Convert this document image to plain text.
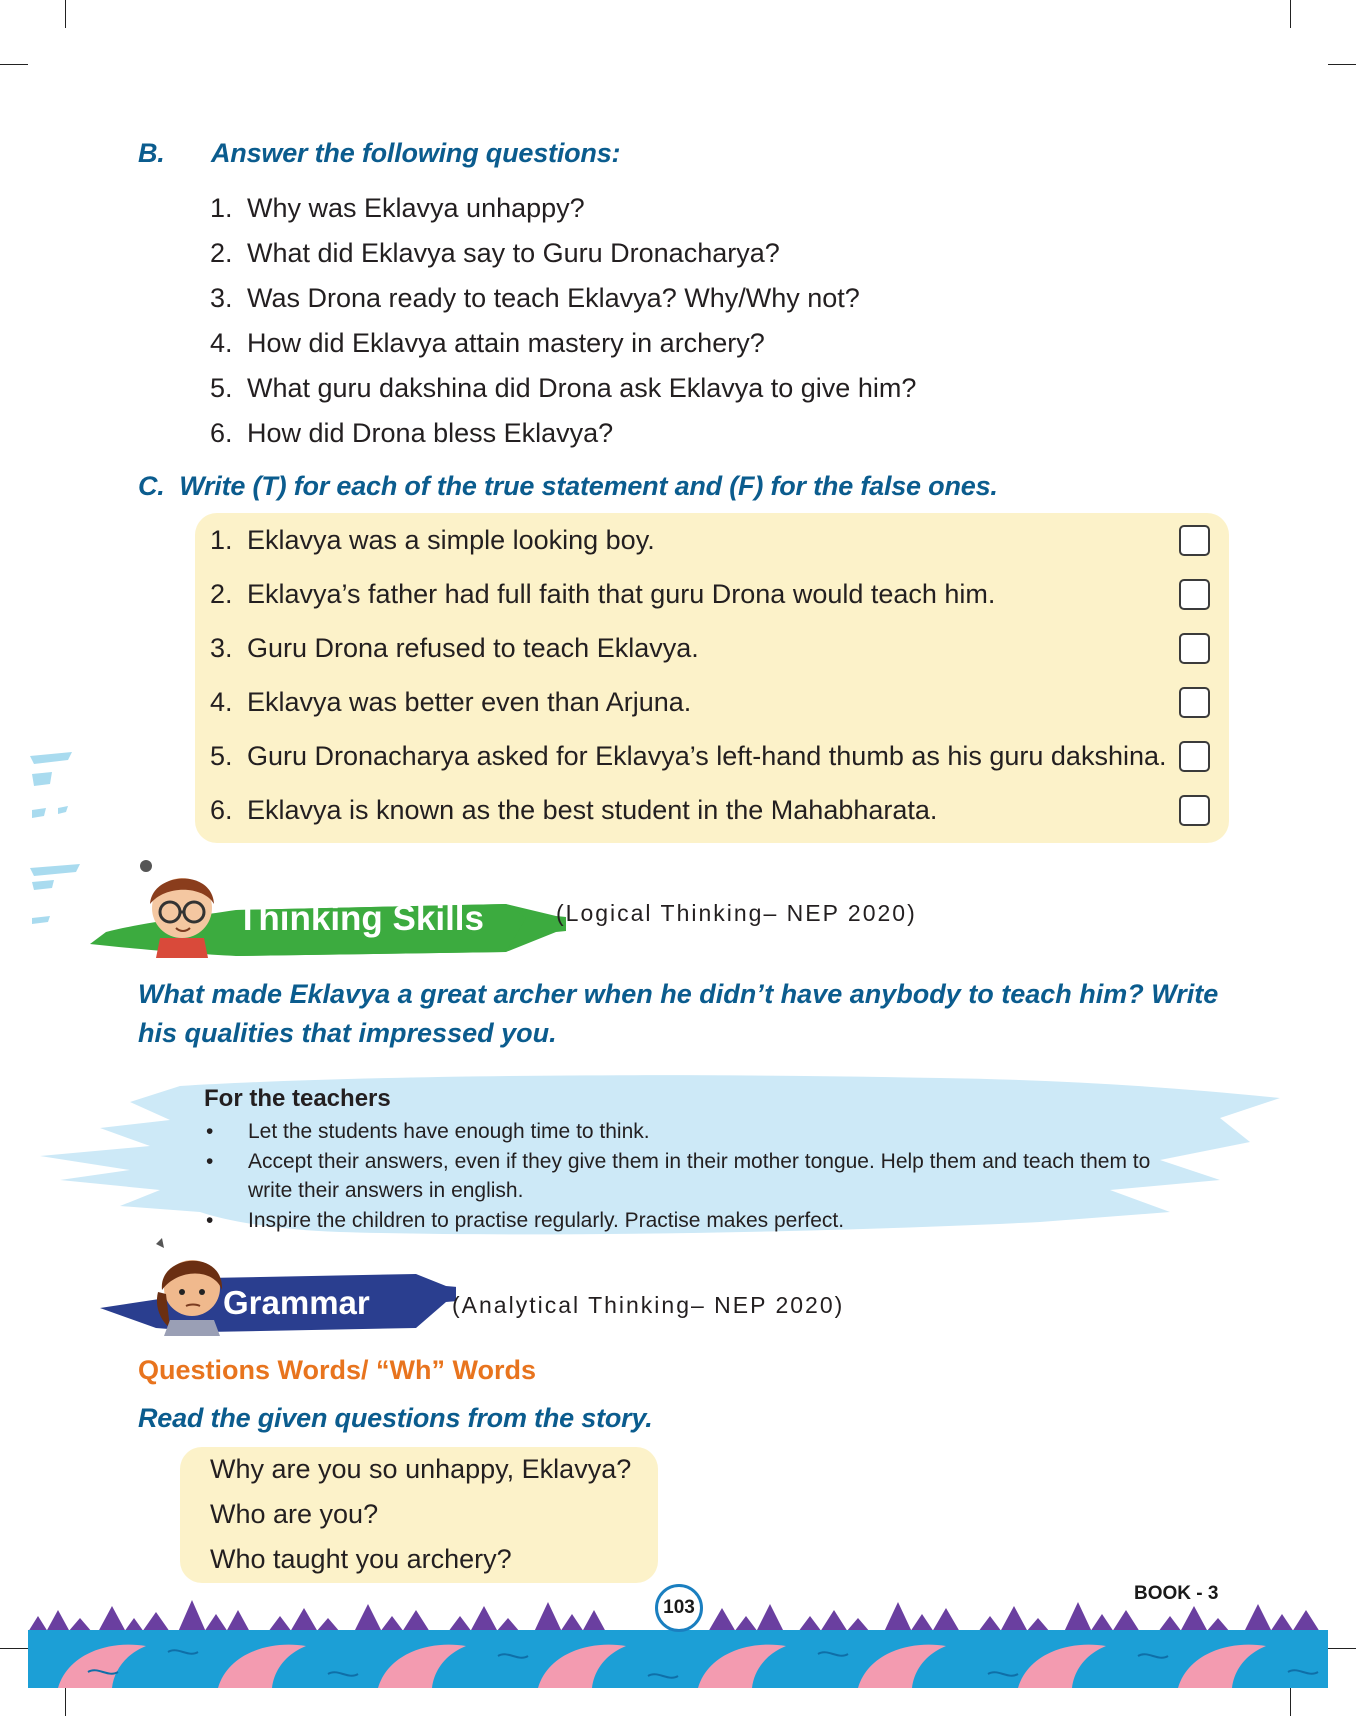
B. Answer the following questions:
1. Why was Eklavya unhappy?
2. What did Eklavya say to Guru Dronacharya?
3. Was Drona ready to teach Eklavya? Why/Why not?
4. How did Eklavya attain mastery in archery?
5. What guru dakshina did Drona ask Eklavya to give him?
6. How did Drona bless Eklavya?
C.  Write (T) for each of the true statement and (F) for the false ones.
1. Eklavya was a simple looking boy.
2. Eklavya’s father had full faith that guru Drona would teach him.
3. Guru Drona refused to teach Eklavya.
4. Eklavya was better even than Arjuna.
5. Guru Dronacharya asked for Eklavya’s left-hand thumb as his guru dakshina.
6. Eklavya is known as the best student in the Mahabharata.
Thinking Skills	(Logical Thinking– NEP 2020)
What made Eklavya a great archer when he didn’t have anybody to teach him? Write his qualities that impressed you.
For the teachers
• Let the students have enough time to think.
• Accept their answers, even if they give them in their mother tongue. Help them and teach them to write their answers in english.
• Inspire the children to practise regularly. Practise makes perfect.
Grammar	(Analytical Thinking– NEP 2020)
Questions Words/ “Wh” Words
Read the given questions from the story.
Why are you so unhappy, Eklavya?
Who are you?
Who taught you archery?
103
BOOK - 3
